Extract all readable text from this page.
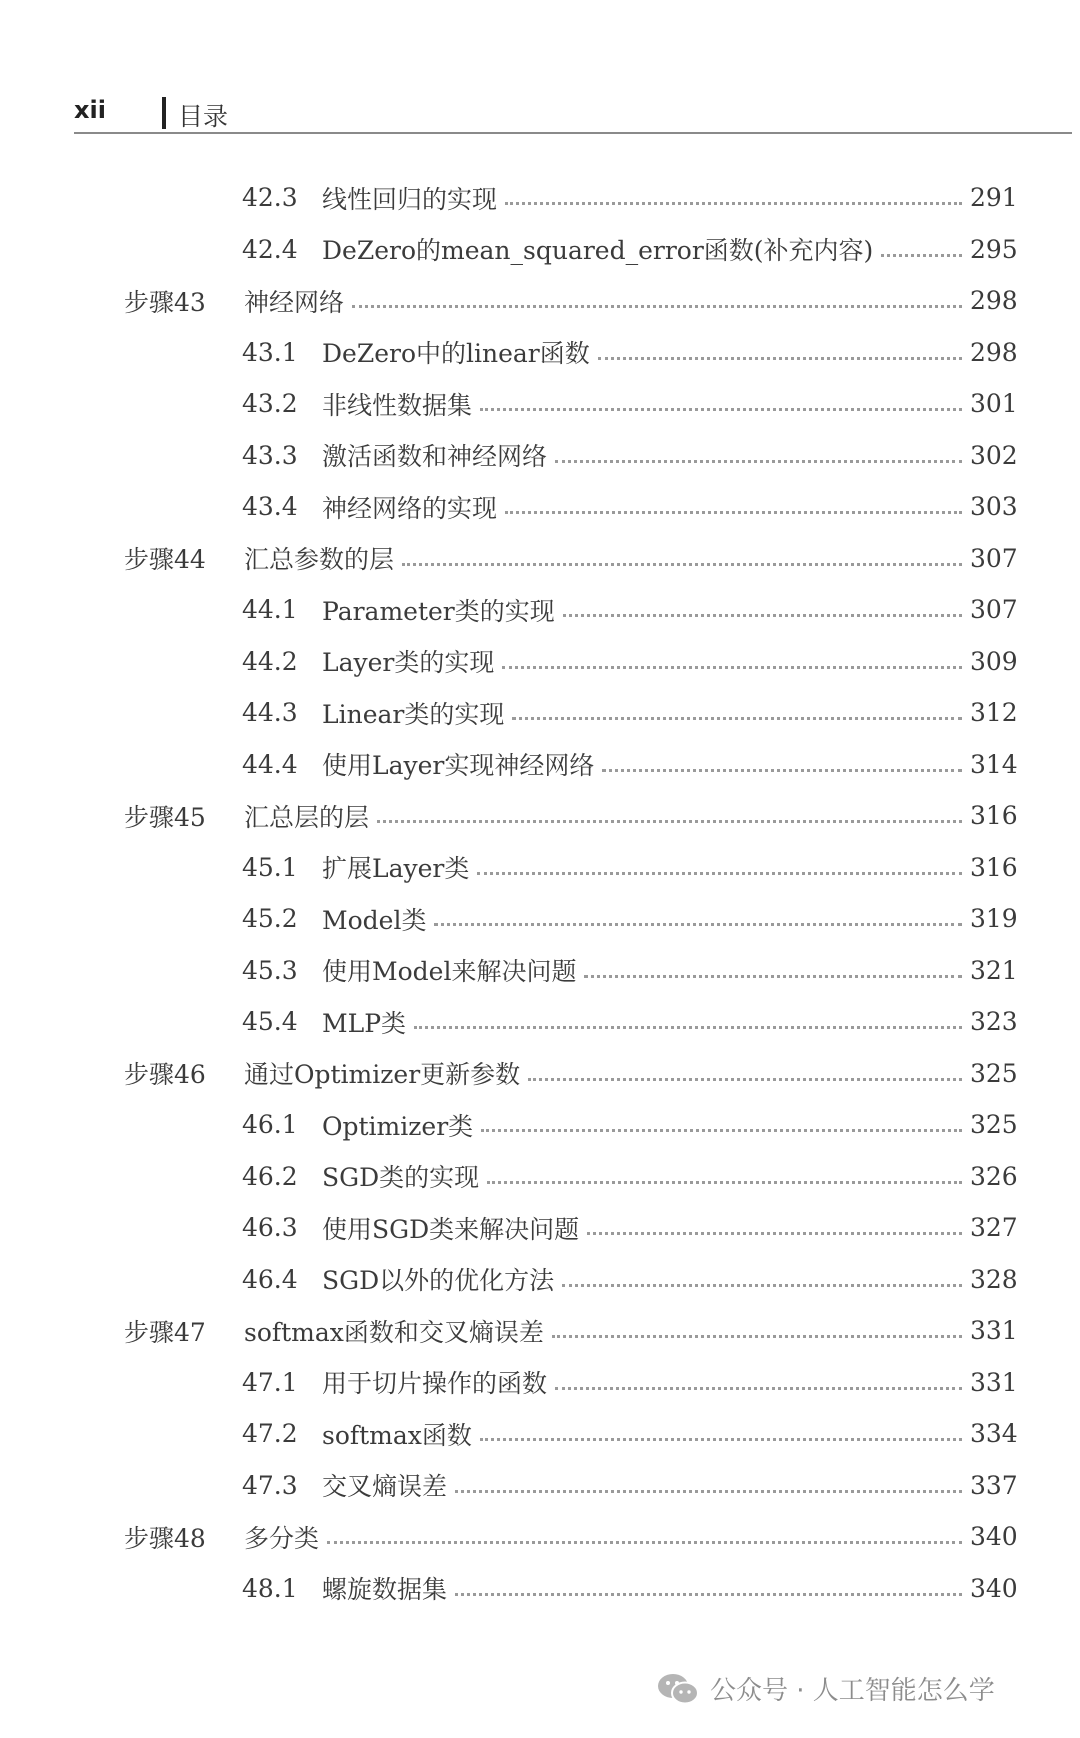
xii	目录
42.3 线性回归的实现	291
42.4 DeZero的mean_squared_error函数(补充内容)	295
步骤43 神经网络	298
43.1 DeZero中的linear函数	298
43.2 非线性数据集	301
43.3 激活函数和神经网络	302
43.4 神经网络的实现	303
步骤44 汇总参数的层	307
44.1 Parameter类的实现	307
44.2 Layer类的实现	309
44.3 Linear类的实现	312
44.4 使用Layer实现神经网络	314
步骤45 汇总层的层	316
45.1 扩展Layer类	316
45.2 Model类	319
45.3 使用Model来解决问题	321
45.4 MLP类	323
步骤46 通过Optimizer更新参数	325
46.1 Optimizer类	325
46.2 SGD类的实现	326
46.3 使用SGD类来解决问题	327
46.4 SGD以外的优化方法	328
步骤47 softmax函数和交叉熵误差	331
47.1 用于切片操作的函数	331
47.2 softmax函数	334
47.3 交叉熵误差	337
步骤48 多分类	340
48.1 螺旋数据集	340
公众号 · 人工智能怎么学
